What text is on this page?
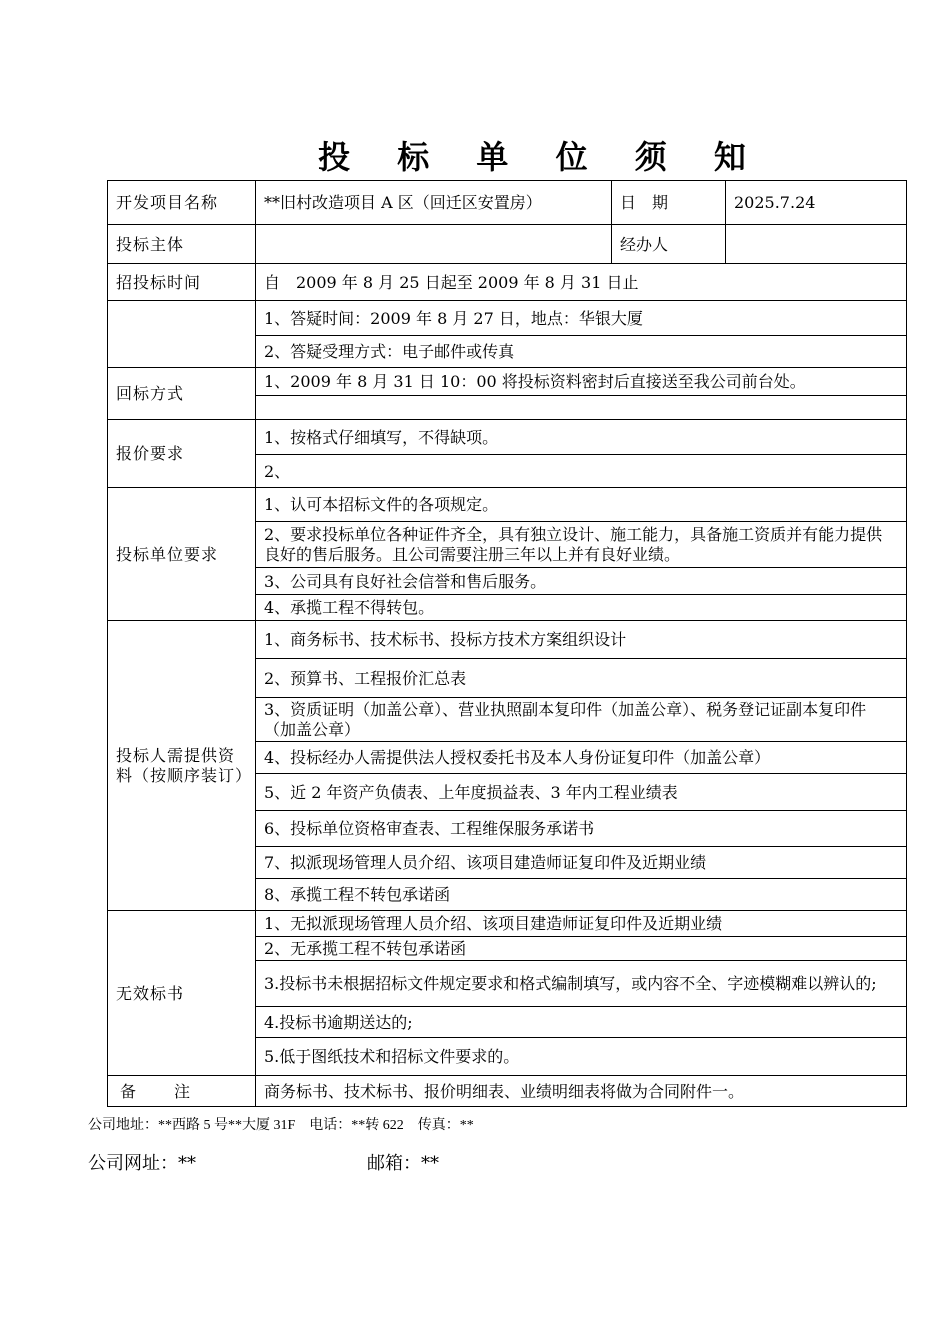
投 标 单 位 须 知
开发项目名称	**旧村改造项目 A 区（回迁区安置房）	日　期	2025.7.24
投标主体		经办人	
招投标时间	自　2009 年 8 月 25 日起至 2009 年 8 月 31 日止		
	1、答疑时间：2009 年 8 月 27 日，地点：华银大厦		
	2、答疑受理方式：电子邮件或传真		
回标方式	1、2009 年 8 月 31 日 10：00 将投标资料密封后直接送至我公司前台处。		

报价要求	1、按格式仔细填写，不得缺项。		
	2、		
投标单位要求	1、认可本招标文件的各项规定。		
	2、要求投标单位各种证件齐全，具有独立设计、施工能力，具备施工资质并有能力提供良好的售后服务。且公司需要注册三年以上并有良好业绩。		
	3、公司具有良好社会信誉和售后服务。		
	4、承揽工程不得转包。		
投标人需提供资料（按顺序装订）	1、商务标书、技术标书、投标方技术方案组织设计		
	2、预算书、工程报价汇总表		
	3、资质证明（加盖公章）、营业执照副本复印件（加盖公章）、税务登记证副本复印件（加盖公章）		
	4、投标经办人需提供法人授权委托书及本人身份证复印件（加盖公章）		
	5、近 2 年资产负债表、上年度损益表、3 年内工程业绩表		
	6、投标单位资格审查表、工程维保服务承诺书		
	7、拟派现场管理人员介绍、该项目建造师证复印件及近期业绩		
	8、承揽工程不转包承诺函		
无效标书	1、无拟派现场管理人员介绍、该项目建造师证复印件及近期业绩		
	2、无承揽工程不转包承诺函		
	3.投标书未根据招标文件规定要求和格式编制填写，或内容不全、字迹模糊难以辨认的;		
	4.投标书逾期送达的;		
	5.低于图纸技术和招标文件要求的。		
备　　注	商务标书、技术标书、报价明细表、业绩明细表将做为合同附件一。		
公司地址：**西路 5 号**大厦 31F　电话：**转 622　传真：**
公司网址：**	邮箱：**
